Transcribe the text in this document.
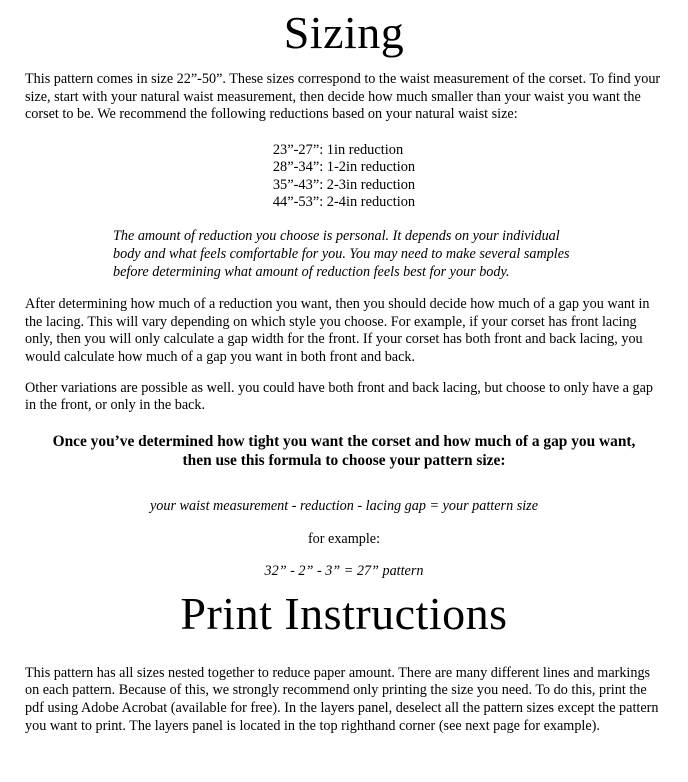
Sizing
This pattern comes in size 22”-50”. These sizes correspond to the waist measurement of the corset. To find your size, start with your natural waist measurement, then decide how much smaller than your waist you want the corset to be. We recommend the following reductions based on your natural waist size:
23”-27”: 1in reduction
28”-34”: 1-2in reduction
35”-43”: 2-3in reduction
44”-53”: 2-4in reduction
The amount of reduction you choose is personal. It depends on your individual body and what feels comfortable for you. You may need to make several samples before determining what amount of reduction feels best for your body.
After determining how much of a reduction you want, then you should decide how much of a gap you want in the lacing. This will vary depending on which style you choose. For example, if your corset has front lacing only, then you will only calculate a gap width for the front. If your corset has both front and back lacing, you would calculate how much of a gap you want in both front and back.
Other variations are possible as well. you could have both front and back lacing, but choose to only have a gap in the front, or only in the back.
Once you’ve determined how tight you want the corset and how much of a gap you want, then use this formula to choose your pattern size:
your waist measurement - reduction - lacing gap = your pattern size
for example:
32” - 2” - 3” = 27” pattern
Print Instructions
This pattern has all sizes nested together to reduce paper amount. There are many different lines and markings on each pattern. Because of this, we strongly recommend only printing the size you need. To do this, print the pdf using Adobe Acrobat (available for free). In the layers panel, deselect all the pattern sizes except the pattern you want to print. The layers panel is located in the top righthand corner (see next page for example).
